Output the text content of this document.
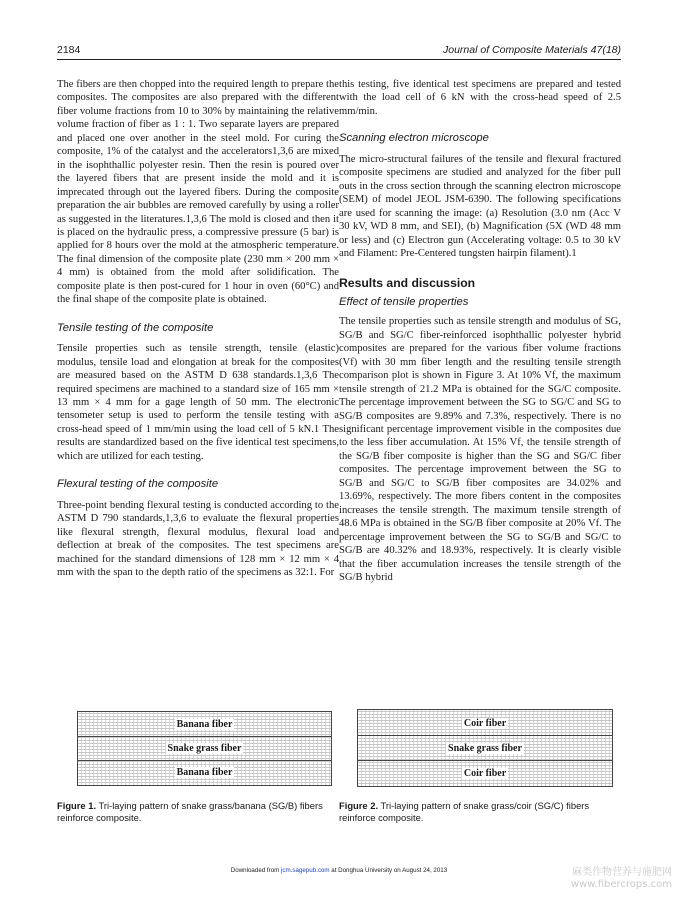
2184	Journal of Composite Materials 47(18)

The fibers are then chopped into the required length to prepare the composites. The composites are also prepared with the different fiber volume fractions from 10 to 30% by maintaining the relative volume fraction of fiber as 1 : 1. Two separate layers are prepared and placed one over another in the steel mold. For curing the composite, 1% of the catalyst and the accelerators1,3,6 are mixed in the isophthallic polyester resin. Then the resin is poured over the layered fibers that are present inside the mold and it is imprecated through out the layered fibers. During the composite preparation the air bubbles are removed carefully by using a roller as suggested in the literatures.1,3,6 The mold is closed and then it is placed on the hydraulic press, a compressive pressure (5 bar) is applied for 8 hours over the mold at the atmospheric temperature. The final dimension of the composite plate (230 mm × 200 mm × 4 mm) is obtained from the mold after solidification. The composite plate is then post-cured for 1 hour in oven (60°C) and the final shape of the composite plate is obtained.

Tensile testing of the composite

Tensile properties such as tensile strength, tensile (elastic) modulus, tensile load and elongation at break for the composites are measured based on the ASTM D 638 standards.1,3,6 The required specimens are machined to a standard size of 165 mm × 13 mm × 4 mm for a gage length of 50 mm. The electronic tensometer setup is used to perform the tensile testing with a cross-head speed of 1 mm/min using the load cell of 5 kN.1 The results are standardized based on the five identical test specimens, which are utilized for each testing.

Flexural testing of the composite

Three-point bending flexural testing is conducted according to the ASTM D 790 standards,1,3,6 to evaluate the flexural properties like flexural strength, flexural modulus, flexural load and deflection at break of the composites. The test specimens are machined for the standard dimensions of 128 mm × 12 mm × 4 mm with the span to the depth ratio of the specimens as 32:1. For

this testing, five identical test specimens are prepared and tested with the load cell of 6 kN with the cross-head speed of 2.5 mm/min.

Scanning electron microscope

The micro-structural failures of the tensile and flexural fractured composite specimens are studied and analyzed for the fiber pull outs in the cross section through the scanning electron microscope (SEM) of model JEOL JSM-6390. The following specifications are used for scanning the image: (a) Resolution (3.0 nm (Acc V 30 kV, WD 8 mm, and SEI), (b) Magnification (5X (WD 48 mm or less) and (c) Electron gun (Accelerating voltage: 0.5 to 30 kV and Filament: Pre-Centered tungsten hairpin filament).1

Results and discussion

Effect of tensile properties

The tensile properties such as tensile strength and modulus of SG, SG/B and SG/C fiber-reinforced isophthallic polyester hybrid composites are prepared for the various fiber volume fractions (Vf) with 30 mm fiber length and the resulting tensile strength comparison plot is shown in Figure 3. At 10% Vf, the maximum tensile strength of 21.2 MPa is obtained for the SG/C composite. The percentage improvement between the SG to SG/C and SG to SG/B composites are 9.89% and 7.3%, respectively. There is no significant percentage improvement visible in the composites due to the less fiber accumulation. At 15% Vf, the tensile strength of the SG/B fiber composite is higher than the SG and SG/C fiber composites. The percentage improvement between the SG to SG/B and SG/C to SG/B fiber composites are 34.02% and 13.69%, respectively. The more fibers content in the composites increases the tensile strength. The maximum tensile strength of 48.6 MPa is obtained in the SG/B fiber composite at 20% Vf. The percentage improvement between the SG to SG/B and SG/C to SG/B are 40.32% and 18.93%, respectively. It is clearly visible that the fiber accumulation increases the tensile strength of the SG/B hybrid

Banana fiber
Snake grass fiber
Banana fiber
Figure 1. Tri-laying pattern of snake grass/banana (SG/B) fibers reinforce composite.
Coir fiber
Snake grass fiber
Coir fiber
Figure 2. Tri-laying pattern of snake grass/coir (SG/C) fibers reinforce composite.
Downloaded from jcm.sagepub.com at Donghua University on August 24, 2013	麻类作物营养与施肥网
www.fibercrops.com
